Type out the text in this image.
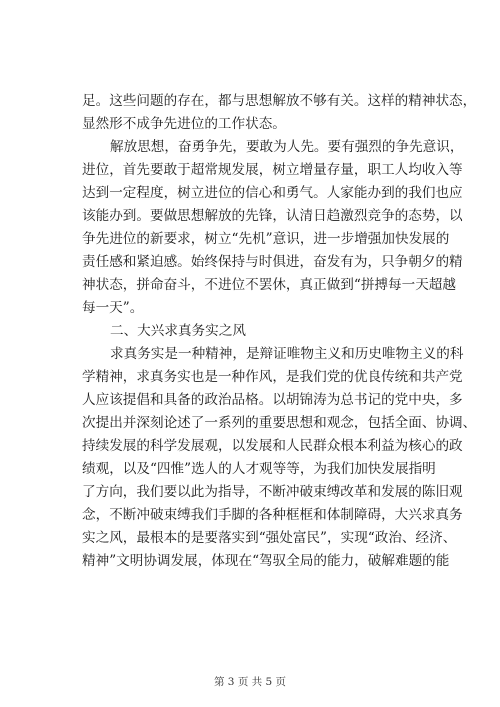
足 。 这 些 问 题 的 存 在 ， 都 与 思 想 解 放 不 够 有 关 。 这 样 的 精 神 状 态 ，
显然形不成争先进位的工作状态。
解 放 思 想 ， 奋 勇 争 先 ， 要 敢 为 人 先 。 要 有 强 烈 的 争 先 意 识 ，
进 位 ， 首 先 要 敢 于 超 常 规 发 展 ， 树 立 增 量 存 量 ， 职 工 人 均 收 入 等
达 到 一 定 程 度 ， 树 立 进 位 的 信 心 和 勇 气 。 人 家 能 办 到 的 我 们 也 应
该 能 办 到 。 要 做 思 想 解 放 的 先 锋 ， 认 清 日 趋 激 烈 竞 争 的 态 势 ， 以
争 先 进 位 的 新 要 求 ， 树 立 “ 先 机 ” 意 识 ， 进 一 步 增 强 加 快 发 展 的
责 任 感 和 紧 迫 感 。 始 终 保 持 与 时 俱 进 ， 奋 发 有 为 ， 只 争 朝 夕 的 精
神 状 态 ， 拼 命 奋 斗 ， 不 进 位 不 罢 休 ， 真 正 做 到 “ 拼 搏 每 一 天 超 越
每一天”。
二、大兴求真务实之风
求 真 务 实 是 一 种 精 神 ， 是 辩 证 唯 物 主 义 和 历 史 唯 物 主 义 的 科
学 精 神 ， 求 真 务 实 也 是 一 种 作 风 ， 是 我 们 党 的 优 良 传 统 和 共 产 党
人 应 该 提 倡 和 具 备 的 政 治 品 格 。 以 胡 锦 涛 为 总 书 记 的 党 中 央 ， 多
次 提 出 并 深 刻 论 述 了 一 系 列 的 重 要 思 想 和 观 念 ， 包 括 全 面 、 协 调 、
持 续 发 展 的 科 学 发 展 观 ， 以 发 展 和 人 民 群 众 根 本 利 益 为 核 心 的 政
绩 观 ， 以 及 “ 四 惟 ” 选 人 的 人 才 观 等 等 ， 为 我 们 加 快 发 展 指 明
了 方 向 ， 我 们 要 以 此 为 指 导 ， 不 断 冲 破 束 缚 改 革 和 发 展 的 陈 旧 观
念 ， 不 断 冲 破 束 缚 我 们 手 脚 的 各 种 框 框 和 体 制 障 碍 ， 大 兴 求 真 务
实 之 风 ， 最 根 本 的 是 要 落 实 到 “ 强 处 富 民 ” ， 实 现 “ 政 治 、 经 济 、
精 神 ” 文 明 协 调 发 展 ， 体 现 在 “ 驾 驭 全 局 的 能 力 ， 破 解 难 题 的 能
第 3 页 共 5 页
